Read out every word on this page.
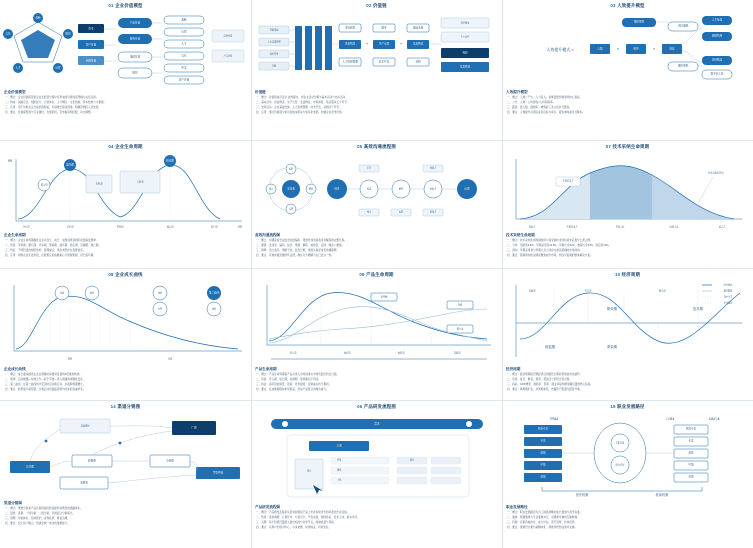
01 企业价值模型
战略
组织
运营
人才
文化
资本
客户价值
品牌价值
产品价值
服务价值
渠道价值
组织
战略
运营
人才
文化
资本
客户价值
品牌价值
产品价值
企业价值模型

一、概念：企业价值模型是企业在经营过程中所形成的价值创造逻辑与关系总和。

二、构成：战略定位、组织能力、运营体系、人才梯队、文化机制、资本结构六大要素。

三、应用：用于诊断企业当前价值短板，识别增长驱动因素，明确资源投入优先级。

四、要点：价值模型需与行业属性、发展阶段、竞争格局相匹配，动态调整。

02 价值链
基础设施
人力资源管理
技术开发
采购
进货物流	+	生产运营	+	发货物流
市场销售	服务	基础设施
人力资源管理	技术开发	采购
进货物流
生产运营
利润
发货物流
价值链

一、概念：价值链由迈克尔·波特提出，把企业活动分解为基本活动与支持活动。

二、基本活动：进货物流、生产运营、发货物流、市场销售、售后服务五个环节。

三、支持活动：企业基础设施、人力资源管理、技术开发、采购四个环节。

四、应用：通过价值链分析识别成本驱动与差异化来源，构建企业竞争优势。

03 人效提升模型
人效提升模式 =	人数	×	效率	×	效能
组织架构
岗位编制
人才标准
激励机制
培训赋能
数字化工具
组织架构
人效提升模型

一、概念：人效＝产出／人力投入，是衡量组织效率的核心指标。

二、公式：人效＝人均营收×人均利润率。

三、路径：控人数、提效率、增效能三条主线并行推进。

四、要点：人效提升必须以业务目标为牵引，避免单纯裁员式降本。

04 企业生命周期
规模
时间
婴儿期
盛年期
稳定期
青春期
官僚期
孕育期	学步期	青春期	稳定期	衰亡期
企业生命周期

一、概念：企业生命周期描述企业从创立、成长、成熟到衰退的阶段性演变规律。

二、阶段：孕育期、婴儿期、学步期、青春期、盛年期、稳定期、官僚期、衰亡期。

三、特征：不同阶段的组织结构、管理重点、风险类型存在显著差异。

四、应用：判断企业所处阶段，匹配相应的战略重心与管理机制，延长盛年期。

05 高效沟通流程图
发送者
编码
反馈
噪音	解码	信息	渠道	解码	接收者	反馈
噪音	编码	发送者
信息	接收者
高效沟通流程图

一、概念：沟通是信息由发送者经编码、渠道传递至接收者并解码的完整过程。

二、要素：发送者、编码、信息、渠道、解码、接收者、反馈、噪音八要素。

三、障碍：语义差异、情绪干扰、信息过载、渠道失真是常见沟通障碍。

四、要点：有效沟通需要闭环反馈，确认对方理解与自己表达一致。

07 技术采纳生命周期
早期采用者
技术采纳的鸿沟
创新者	早期采用者	早期大众	晚期大众	落后者
技术采纳生命周期

一、概念：技术采纳生命周期按用户接受新技术的时间先后划分五类人群。

二、分布：创新者2.5%、早期采用者13.5%、早期大众34%、晚期大众34%、落后者16%。

三、鸿沟：早期采用者与早期大众之间存在难以跨越的市场鸿沟。

四、要点：跨越鸿沟的关键是聚焦细分市场，形成可复制的整体解决方案。

08 企业成长曲线
初创	成长	成熟
转型
第二曲线
成熟
时间	业绩
企业成长曲线

一、概念：成长曲线描述企业业绩随时间推进呈现的S型演进轨迹。

二、规律：启动缓慢—快速上升—趋于平缓—进入衰减的周期性变化。

三、第二曲线：在第一曲线尚未见顶时启动新业务，实现跨周期增长。

四、要点：转型窗口期有限，过晚启动将面临资源与时间的双重约束。

09 产品生命周期
销售额
利润
现金流
导入期	成长期	成熟期	衰退期
产品生命周期

一、概念：产品生命周期指产品从进入市场到退出市场所经历的全过程。

二、阶段：导入期、成长期、成熟期、衰退期四个阶段。

三、特征：各阶段的销量、利润、竞争强度、营销重点均不相同。

四、要点：在成熟期提前布局新品，形成产品组合的梯次接力。

10 经济周期
衰退期	复苏期	繁荣期
繁荣期	复苏期
衰退期	萧条期
经济增长
通货膨胀
利率水平
企业盈利
经济周期

一、概念：经济周期指宏观经济活动围绕长期趋势的波动性循环。

二、阶段：复苏、繁荣、衰退、萧条四个阶段交替出现。

三、指标：GDP增速、通胀率、利率、就业率是判断周期位置的核心指标。

四、要点：顺周期扩张、逆周期布局，把握资产配置与经营节奏。

14 渠道分销图
渠道规划
厂商
总代理
经销商	分销商
零售终端
消费者
渠道分销图

一、概念：渠道分销是产品从制造端流转到最终消费者的通路体系。

二、层级：直销、一级分销、二级分销、多级混合分销模式。

三、管理：价格体系、区域保护、返利政策、窜货治理。

四、要点：线上线下融合，构建全域一体化的渠道能力。

06 产品研发流程图
需求
立项
设计
开发
测试
上线
迭代
产品研发流程图

一、概念：产品研发流程是从需求洞察到产品上市并持续迭代的标准化作业流程。

二、阶段：需求调研、立项评审、方案设计、开发实现、测试验证、发布上线、版本迭代。

三、关键：每个阶段设置准入准出标准与评审节点，控制质量与风险。

四、要点：以用户价值为中心，小步快跑、快速验证、持续优化。

15 职业发展路径
管理通道	专业通道	双通道互通
资深专家
专家
高级
中级
初级
资深专家
专家
高级
中级
初级
任职资格
能力评估
晋升机制	轮岗机制
职业发展路径

一、概念：职业发展路径为员工提供清晰的成长通道与晋升标准。

二、通道：管理通道与专业通道并行，双通道可横向互通转换。

三、机制：任职资格体系、能力评估、晋升答辩、轮岗培养。

四、要点：通道设计要与薪酬体系、绩效考核形成闭环支撑。
